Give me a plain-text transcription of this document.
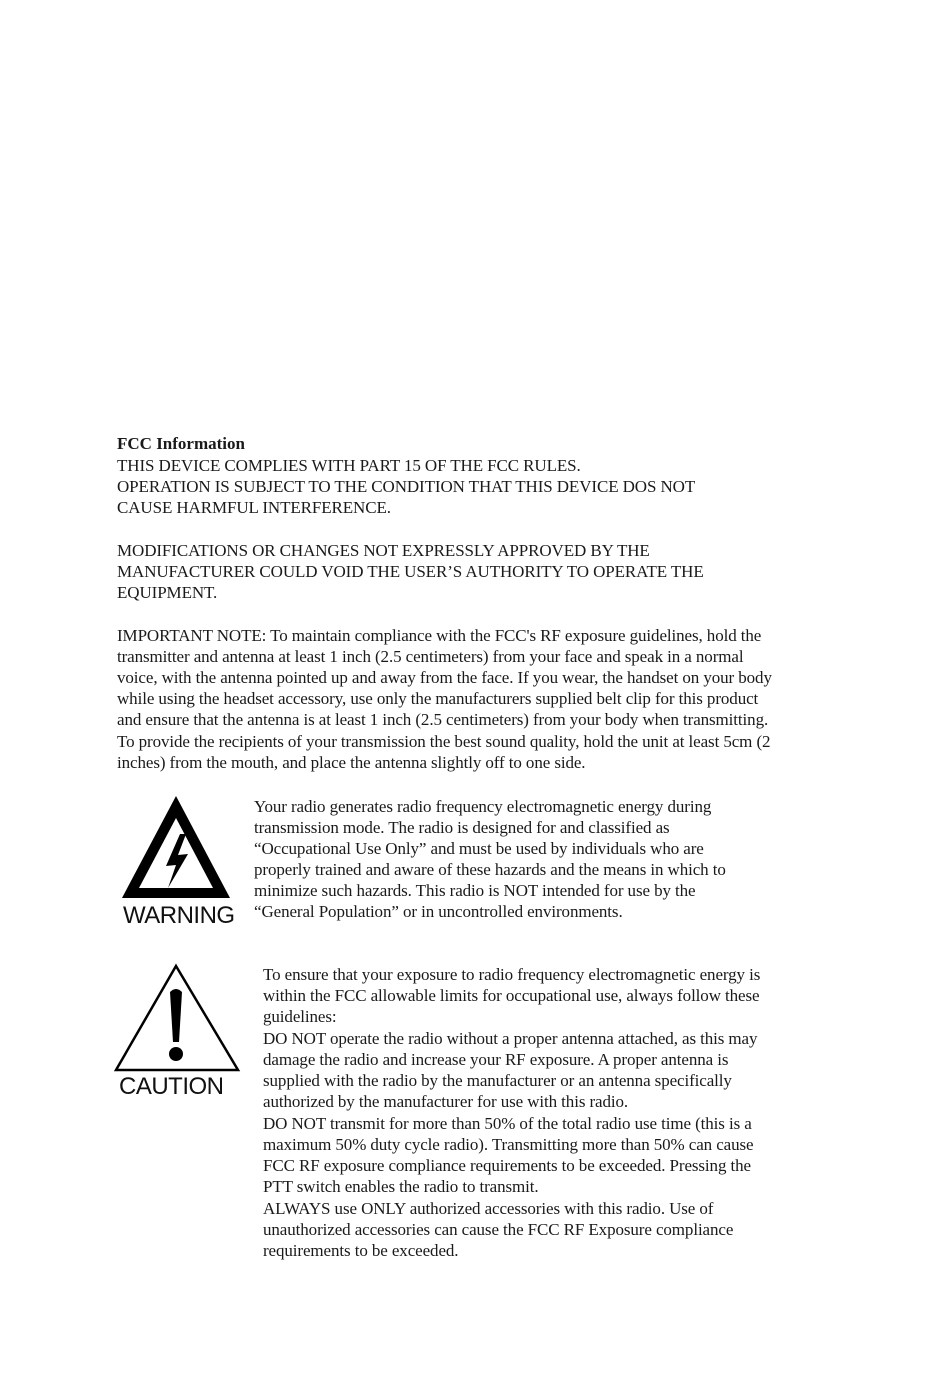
FCC Information
THIS DEVICE COMPLIES WITH PART 15 OF THE FCC RULES.
OPERATION IS SUBJECT TO THE CONDITION THAT THIS DEVICE DOS NOT
CAUSE HARMFUL INTERFERENCE.
MODIFICATIONS OR CHANGES NOT EXPRESSLY APPROVED BY THE
MANUFACTURER COULD VOID THE USER’S AUTHORITY TO OPERATE THE
EQUIPMENT.
IMPORTANT NOTE: To maintain compliance with the FCC's RF exposure guidelines, hold the
transmitter and antenna at least 1 inch (2.5 centimeters) from your face and speak in a normal
voice, with the antenna pointed up and away from the face. If you wear, the handset on your body
while using the headset accessory, use only the manufacturers supplied belt clip for this product
and ensure that the antenna is at least 1 inch (2.5 centimeters) from your body when transmitting.
To provide the recipients of your transmission the best sound quality, hold the unit at least 5cm (2
inches) from the mouth, and place the antenna slightly off to one side.
WARNING
Your radio generates radio frequency electromagnetic energy during
transmission mode. The radio is designed for and classified as
“Occupational Use Only” and must be used by individuals who are
properly trained and aware of these hazards and the means in which to
minimize such hazards. This radio is NOT intended for use by the
“General Population” or in uncontrolled environments.
CAUTION
To ensure that your exposure to radio frequency electromagnetic energy is
within the FCC allowable limits for occupational use, always follow these
guidelines:
DO NOT operate the radio without a proper antenna attached, as this may
damage the radio and increase your RF exposure. A proper antenna is
supplied with the radio by the manufacturer or an antenna specifically
authorized by the manufacturer for use with this radio.
DO NOT transmit for more than 50% of the total radio use time (this is a
maximum 50% duty cycle radio). Transmitting more than 50% can cause
FCC RF exposure compliance requirements to be exceeded. Pressing the
PTT switch enables the radio to transmit.
ALWAYS use ONLY authorized accessories with this radio. Use of
unauthorized accessories can cause the FCC RF Exposure compliance
requirements to be exceeded.
